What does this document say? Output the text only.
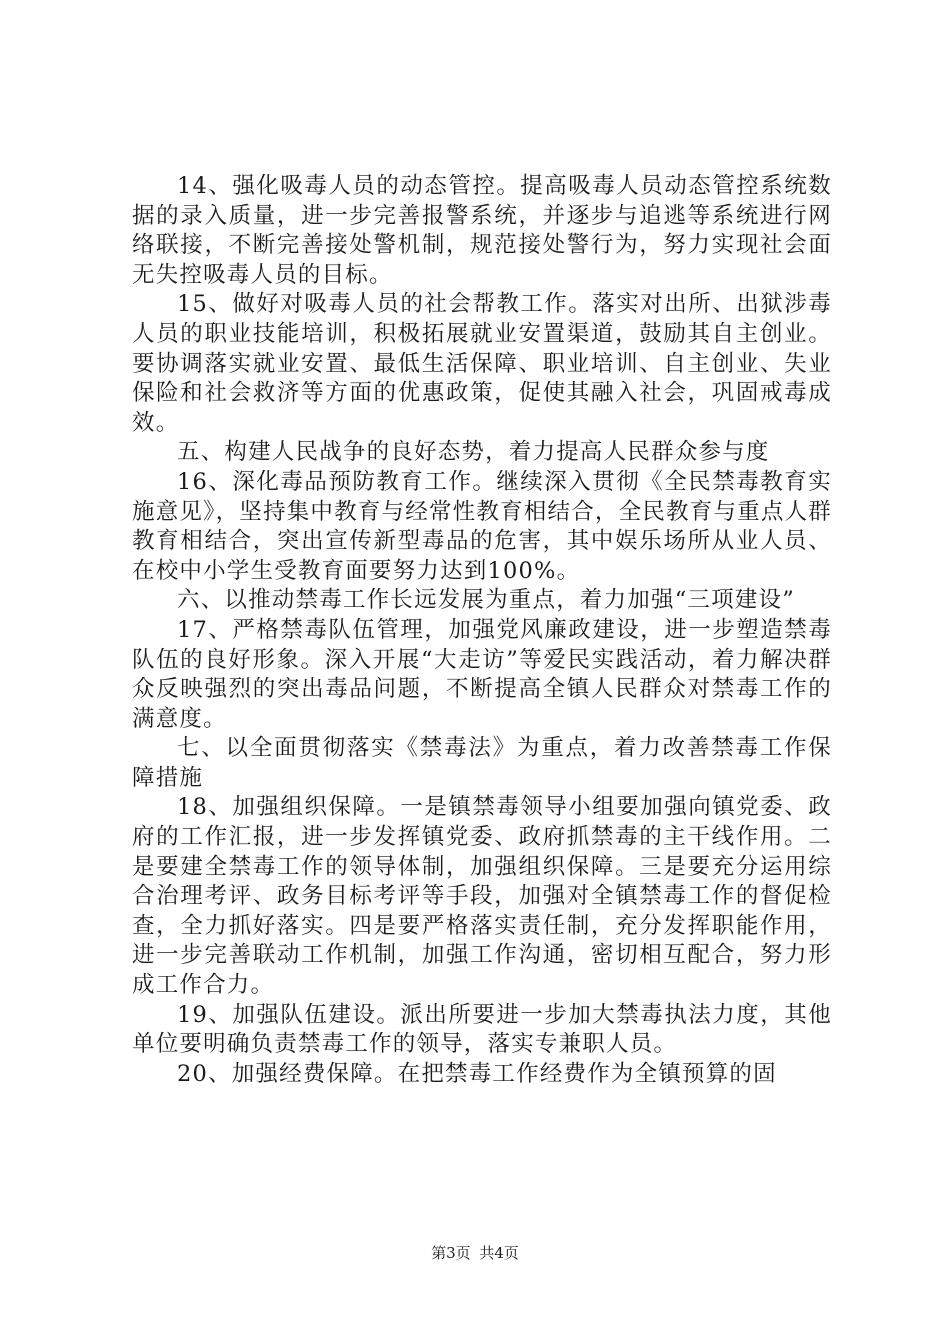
14、强化吸毒人员的动态管控。提高吸毒人员动态管控系统数据的录入质量，进一步完善报警系统，并逐步与追逃等系统进行网络联接，不断完善接处警机制，规范接处警行为，努力实现社会面无失控吸毒人员的目标。

15、做好对吸毒人员的社会帮教工作。落实对出所、出狱涉毒人员的职业技能培训，积极拓展就业安置渠道，鼓励其自主创业。要协调落实就业安置、最低生活保障、职业培训、自主创业、失业保险和社会救济等方面的优惠政策，促使其融入社会，巩固戒毒成效。

五、构建人民战争的良好态势，着力提高人民群众参与度

16、深化毒品预防教育工作。继续深入贯彻《全民禁毒教育实施意见》，坚持集中教育与经常性教育相结合，全民教育与重点人群教育相结合，突出宣传新型毒品的危害，其中娱乐场所从业人员、在校中小学生受教育面要努力达到100%。

六、以推动禁毒工作长远发展为重点，着力加强“三项建设”

17、严格禁毒队伍管理，加强党风廉政建设，进一步塑造禁毒队伍的良好形象。深入开展“大走访”等爱民实践活动，着力解决群众反映强烈的突出毒品问题，不断提高全镇人民群众对禁毒工作的满意度。

七、以全面贯彻落实《禁毒法》为重点，着力改善禁毒工作保障措施

18、加强组织保障。一是镇禁毒领导小组要加强向镇党委、政府的工作汇报，进一步发挥镇党委、政府抓禁毒的主干线作用。二是要建全禁毒工作的领导体制，加强组织保障。三是要充分运用综合治理考评、政务目标考评等手段，加强对全镇禁毒工作的督促检查，全力抓好落实。四是要严格落实责任制，充分发挥职能作用，进一步完善联动工作机制，加强工作沟通，密切相互配合，努力形成工作合力。

19、加强队伍建设。派出所要进一步加大禁毒执法力度，其他单位要明确负责禁毒工作的领导，落实专兼职人员。

20、加强经费保障。在把禁毒工作经费作为全镇预算的固

第3页 共4页
